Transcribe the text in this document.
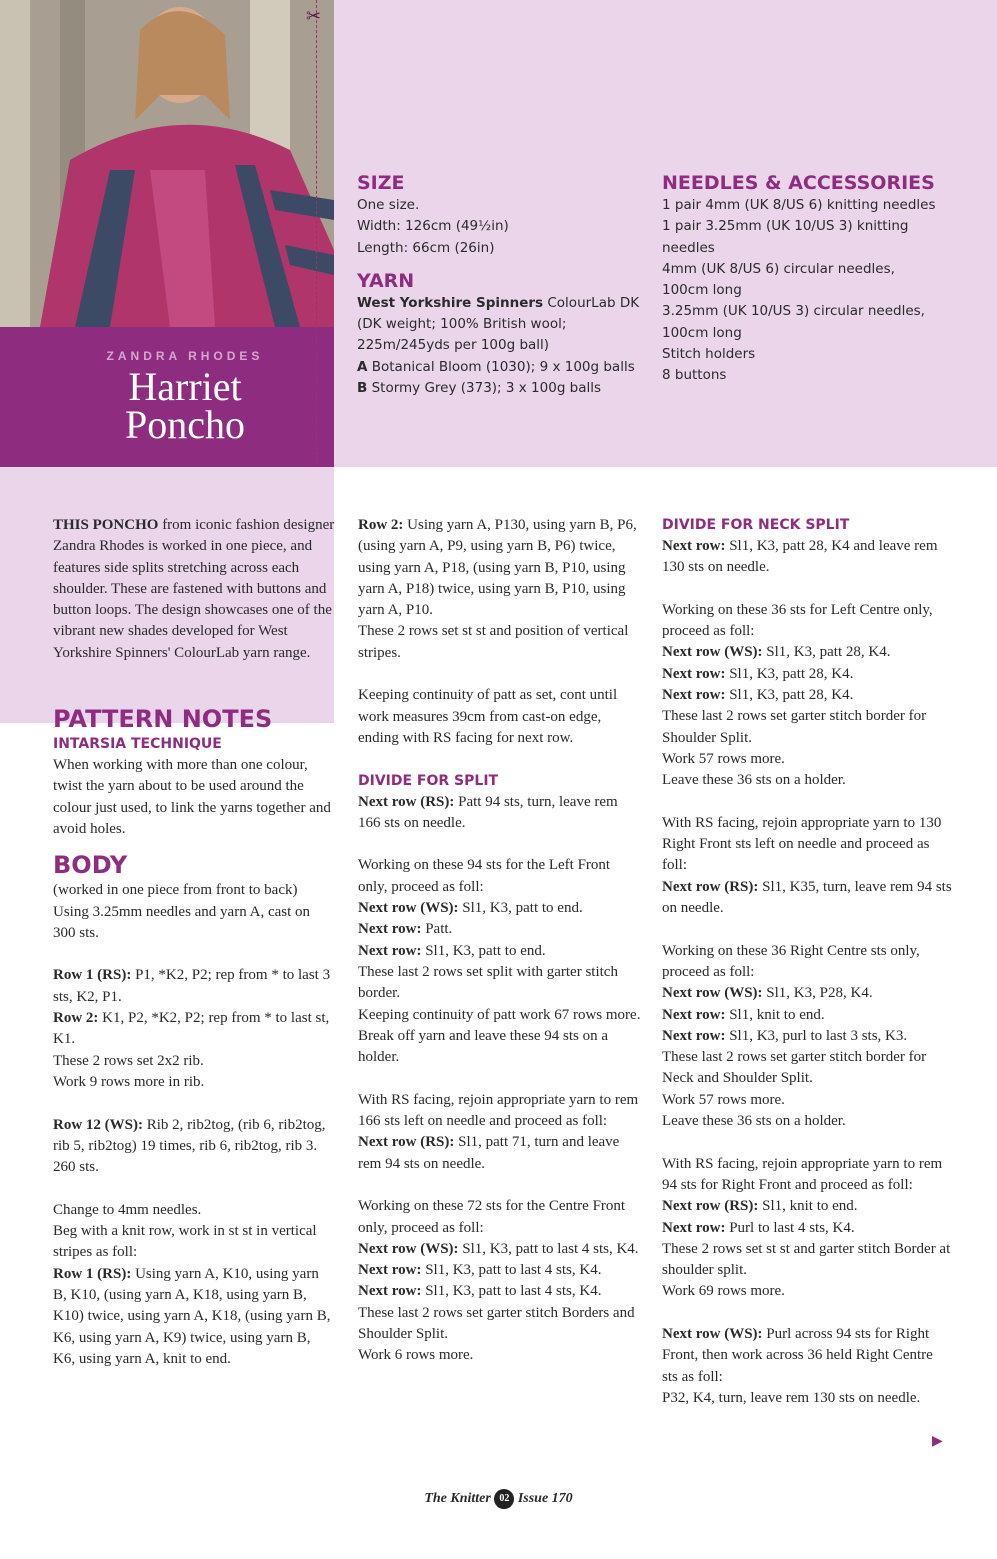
ZANDRA RHODES
Harriet
Poncho
✂
SIZE
One size.
Width: 126cm (49½in)
Length: 66cm (26in)
YARN
West Yorkshire Spinners ColourLab DK
(DK weight; 100% British wool;
225m/245yds per 100g ball)
A Botanical Bloom (1030); 9 x 100g balls
B Stormy Grey (373); 3 x 100g balls
NEEDLES & ACCESSORIES
1 pair 4mm (UK 8/US 6) knitting needles
1 pair 3.25mm (UK 10/US 3) knitting
needles
4mm (UK 8/US 6) circular needles,
100cm long
3.25mm (UK 10/US 3) circular needles,
100cm long
Stitch holders
8 buttons

THIS PONCHO from iconic fashion designer Zandra Rhodes is worked in one piece, and features side splits stretching across each shoulder. These are fastened with buttons and button loops. The design showcases one of the vibrant new shades developed for West Yorkshire Spinners' ColourLab yarn range.

PATTERN NOTES
INTARSIA TECHNIQUE

When working with more than one colour, twist the yarn about to be used around the colour just used, to link the yarns together and avoid holes.

BODY

(worked in one piece from front to back) Using 3.25mm needles and yarn A, cast on 300 sts.

Row 1 (RS): P1, *K2, P2; rep from * to last 3 sts, K2, P1.

Row 2: K1, P2, *K2, P2; rep from * to last st, K1.

These 2 rows set 2x2 rib.

Work 9 rows more in rib.

Row 12 (WS): Rib 2, rib2tog, (rib 6, rib2tog, rib 5, rib2tog) 19 times, rib 6, rib2tog, rib 3.

260 sts.

Change to 4mm needles.

Beg with a knit row, work in st st in vertical stripes as foll:

Row 1 (RS): Using yarn A, K10, using yarn B, K10, (using yarn A, K18, using yarn B, K10) twice, using yarn A, K18, (using yarn B, K6, using yarn A, K9) twice, using yarn B, K6, using yarn A, knit to end.

Row 2: Using yarn A, P130, using yarn B, P6, (using yarn A, P9, using yarn B, P6) twice, using yarn A, P18, (using yarn B, P10, using yarn A, P18) twice, using yarn B, P10, using yarn A, P10.

These 2 rows set st st and position of vertical stripes.

Keeping continuity of patt as set, cont until work measures 39cm from cast-on edge, ending with RS facing for next row.

DIVIDE FOR SPLIT

Next row (RS): Patt 94 sts, turn, leave rem 166 sts on needle.

Working on these 94 sts for the Left Front only, proceed as foll:

Next row (WS): Sl1, K3, patt to end.

Next row: Patt.

Next row: Sl1, K3, patt to end.

These last 2 rows set split with garter stitch border.

Keeping continuity of patt work 67 rows more.

Break off yarn and leave these 94 sts on a holder.

With RS facing, rejoin appropriate yarn to rem 166 sts left on needle and proceed as foll:

Next row (RS): Sl1, patt 71, turn and leave rem 94 sts on needle.

Working on these 72 sts for the Centre Front only, proceed as foll:

Next row (WS): Sl1, K3, patt to last 4 sts, K4.

Next row: Sl1, K3, patt to last 4 sts, K4.

Next row: Sl1, K3, patt to last 4 sts, K4.

These last 2 rows set garter stitch Borders and Shoulder Split.

Work 6 rows more.

DIVIDE FOR NECK SPLIT

Next row: Sl1, K3, patt 28, K4 and leave rem 130 sts on needle.

Working on these 36 sts for Left Centre only, proceed as foll:

Next row (WS): Sl1, K3, patt 28, K4.

Next row: Sl1, K3, patt 28, K4.

Next row: Sl1, K3, patt 28, K4.

These last 2 rows set garter stitch border for Shoulder Split.

Work 57 rows more.

Leave these 36 sts on a holder.

With RS facing, rejoin appropriate yarn to 130 Right Front sts left on needle and proceed as foll:

Next row (RS): Sl1, K35, turn, leave rem 94 sts on needle.

Working on these 36 Right Centre sts only, proceed as foll:

Next row (WS): Sl1, K3, P28, K4.

Next row: Sl1, knit to end.

Next row: Sl1, K3, purl to last 3 sts, K3.

These last 2 rows set garter stitch border for Neck and Shoulder Split.

Work 57 rows more.

Leave these 36 sts on a holder.

With RS facing, rejoin appropriate yarn to rem 94 sts for Right Front and proceed as foll:

Next row (RS): Sl1, knit to end.

Next row: Purl to last 4 sts, K4.

These 2 rows set st st and garter stitch Border at shoulder split.

Work 69 rows more.

Next row (WS): Purl across 94 sts for Right Front, then work across 36 held Right Centre sts as foll:

P32, K4, turn, leave rem 130 sts on needle.

▶
The Knitter 02 Issue 170
